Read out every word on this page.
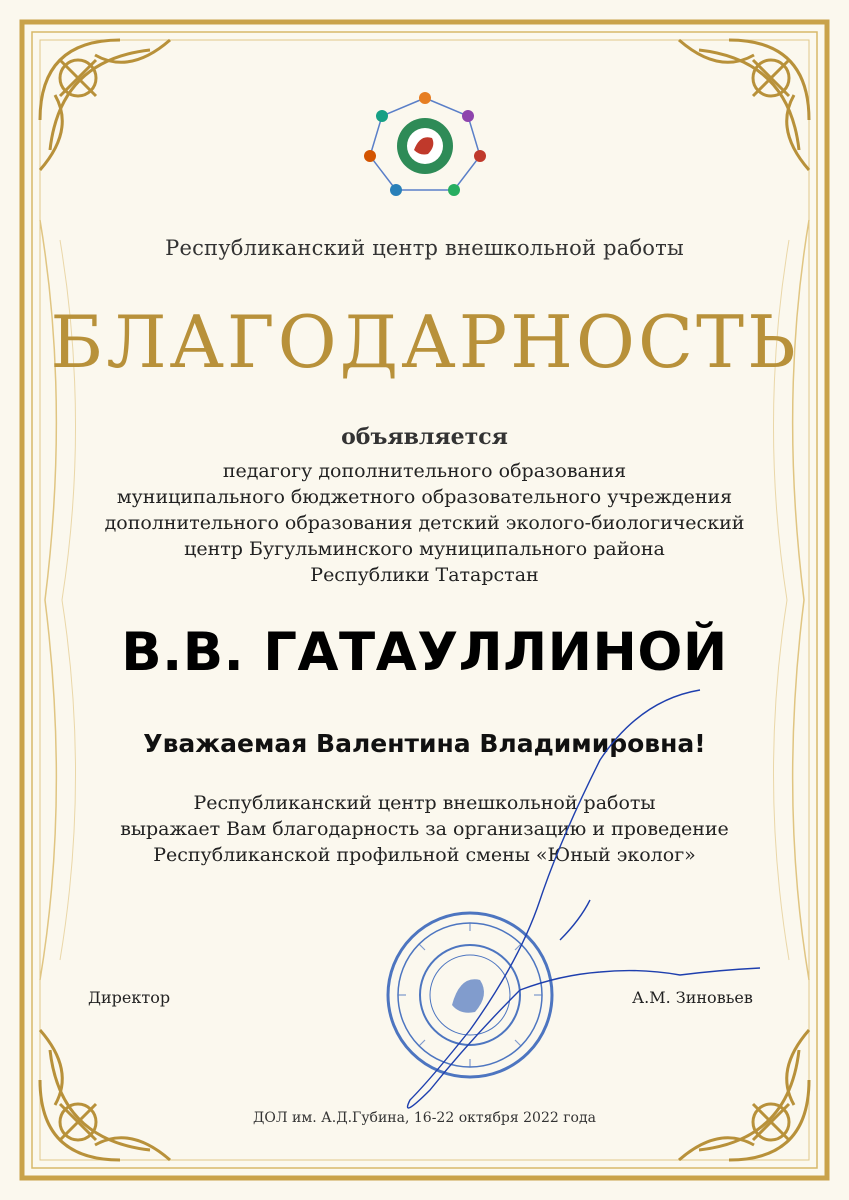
Республиканский центр внешкольной работы

БЛАГОДАРНОСТЬ

объявляется

педагогу дополнительного образования
муниципального бюджетного образовательного учреждения
дополнительного образования детский эколого-биологический
центр Бугульминского муниципального района
Республики Татарстан

В.В. ГАТАУЛЛИНОЙ

Уважаемая Валентина Владимировна!

Республиканский центр внешкольной работы
выражает Вам благодарность за организацию и проведение
Республиканской профильной смены «Юный эколог»
Директор	А.М. Зиновьев

ДОЛ им. А.Д.Губина, 16-22 октября 2022 года
